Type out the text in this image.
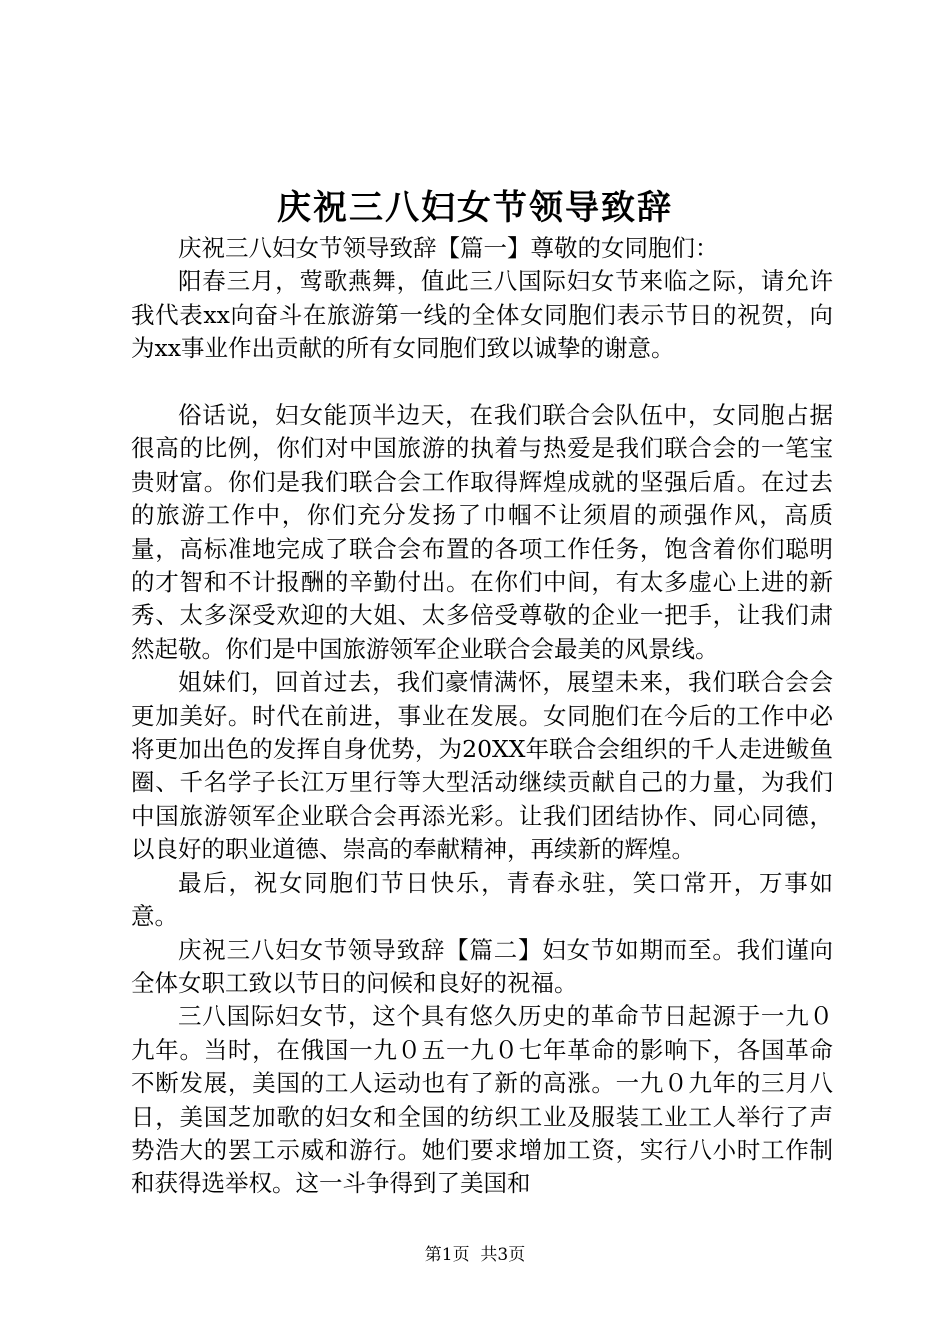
庆祝三八妇女节领导致辞

庆祝三八妇女节领导致辞【篇一】尊敬的女同胞们：

阳春三月，莺歌燕舞，值此三八国际妇女节来临之际，请允许我代表xx向奋斗在旅游第一线的全体女同胞们表示节日的祝贺，向为xx事业作出贡献的所有女同胞们致以诚挚的谢意。

俗话说，妇女能顶半边天，在我们联合会队伍中，女同胞占据很高的比例，你们对中国旅游的执着与热爱是我们联合会的一笔宝贵财富。你们是我们联合会工作取得辉煌成就的坚强后盾。在过去的旅游工作中，你们充分发扬了巾帼不让须眉的顽强作风，高质量，高标准地完成了联合会布置的各项工作任务，饱含着你们聪明的才智和不计报酬的辛勤付出。在你们中间，有太多虚心上进的新秀、太多深受欢迎的大姐、太多倍受尊敬的企业一把手，让我们肃然起敬。你们是中国旅游领军企业联合会最美的风景线。

姐妹们，回首过去，我们豪情满怀，展望未来，我们联合会会更加美好。时代在前进，事业在发展。女同胞们在今后的工作中必将更加出色的发挥自身优势，为20XX年联合会组织的千人走进鲅鱼圈、千名学子长江万里行等大型活动继续贡献自己的力量，为我们中国旅游领军企业联合会再添光彩。让我们团结协作、同心同德，以良好的职业道德、崇高的奉献精神，再续新的辉煌。

最后，祝女同胞们节日快乐，青春永驻，笑口常开，万事如意。

庆祝三八妇女节领导致辞【篇二】妇女节如期而至。我们谨向全体女职工致以节日的问候和良好的祝福。

三八国际妇女节，这个具有悠久历史的革命节日起源于一九０九年。当时，在俄国一九０五一九０七年革命的影响下，各国革命不断发展，美国的工人运动也有了新的高涨。一九０九年的三月八日，美国芝加歌的妇女和全国的纺织工业及服装工业工人举行了声势浩大的罢工示威和游行。她们要求增加工资，实行八小时工作制和获得选举权。这一斗争得到了美国和

第1页  共3页
